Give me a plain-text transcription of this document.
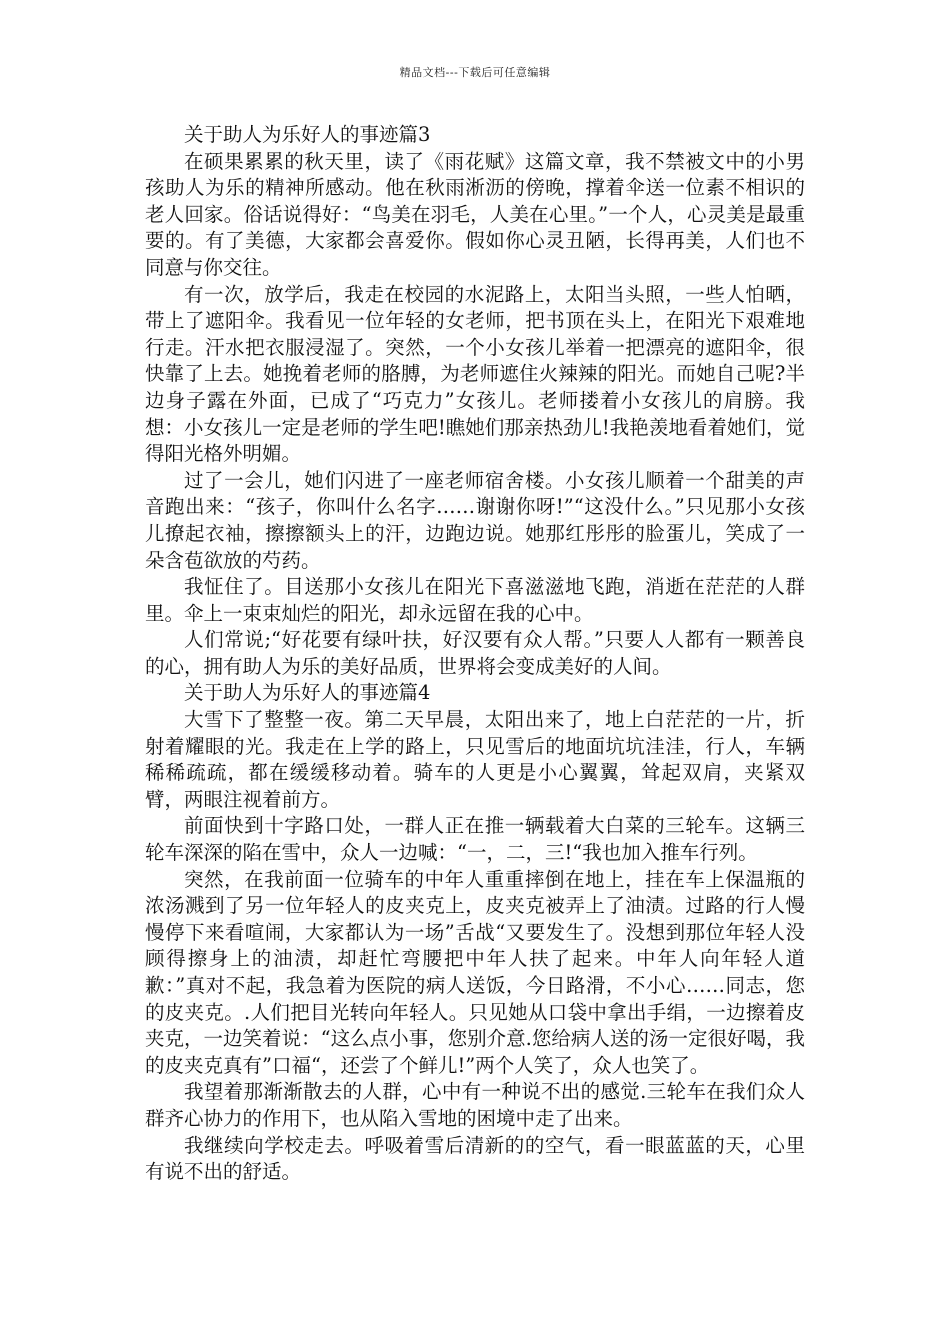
精品文档---下载后可任意编辑
关于助人为乐好人的事迹篇3

在硕果累累的秋天里，读了《雨花赋》这篇文章，我不禁被文中的小男孩助人为乐的精神所感动。他在秋雨淅沥的傍晚，撑着伞送一位素不相识的老人回家。俗话说得好：“鸟美在羽毛，人美在心里。”一个人，心灵美是最重要的。有了美德，大家都会喜爱你。假如你心灵丑陋，长得再美，人们也不同意与你交往。

有一次，放学后，我走在校园的水泥路上，太阳当头照，一些人怕晒，带上了遮阳伞。我看见一位年轻的女老师，把书顶在头上，在阳光下艰难地行走。汗水把衣服浸湿了。突然，一个小女孩儿举着一把漂亮的遮阳伞，很快靠了上去。她挽着老师的胳膊，为老师遮住火辣辣的阳光。而她自己呢?半边身子露在外面，已成了“巧克力”女孩儿。老师搂着小女孩儿的肩膀。我想：小女孩儿一定是老师的学生吧!瞧她们那亲热劲儿!我艳羡地看着她们，觉得阳光格外明媚。

过了一会儿，她们闪进了一座老师宿舍楼。小女孩儿顺着一个甜美的声音跑出来：“孩子，你叫什么名字……谢谢你呀!”“这没什么。”只见那小女孩儿撩起衣袖，擦擦额头上的汗，边跑边说。她那红彤彤的脸蛋儿，笑成了一朵含苞欲放的芍药。

我怔住了。目送那小女孩儿在阳光下喜滋滋地飞跑，消逝在茫茫的人群里。伞上一束束灿烂的阳光，却永远留在我的心中。

人们常说;“好花要有绿叶扶，好汉要有众人帮。”只要人人都有一颗善良的心，拥有助人为乐的美好品质，世界将会变成美好的人间。

关于助人为乐好人的事迹篇4

大雪下了整整一夜。第二天早晨，太阳出来了，地上白茫茫的一片，折射着耀眼的光。我走在上学的路上，只见雪后的地面坑坑洼洼，行人，车辆稀稀疏疏，都在缓缓移动着。骑车的人更是小心翼翼，耸起双肩，夹紧双臂，两眼注视着前方。

前面快到十字路口处，一群人正在推一辆载着大白菜的三轮车。这辆三轮车深深的陷在雪中，众人一边喊：“一，二，三!“我也加入推车行列。

突然，在我前面一位骑车的中年人重重摔倒在地上，挂在车上保温瓶的浓汤溅到了另一位年轻人的皮夹克上，皮夹克被弄上了油渍。过路的行人慢慢停下来看喧闹，大家都认为一场”舌战“又要发生了。没想到那位年轻人没顾得擦身上的油渍，却赶忙弯腰把中年人扶了起来。中年人向年轻人道歉：”真对不起，我急着为医院的病人送饭，今日路滑，不小心……同志，您的皮夹克。.人们把目光转向年轻人。只见她从口袋中拿出手绢，一边擦着皮夹克，一边笑着说：“这么点小事，您别介意.您给病人送的汤一定很好喝，我的皮夹克真有”口福“，还尝了个鲜儿!”两个人笑了，众人也笑了。

我望着那渐渐散去的人群，心中有一种说不出的感觉.三轮车在我们众人群齐心协力的作用下，也从陷入雪地的困境中走了出来。

我继续向学校走去。呼吸着雪后清新的的空气，看一眼蓝蓝的天，心里有说不出的舒适。
